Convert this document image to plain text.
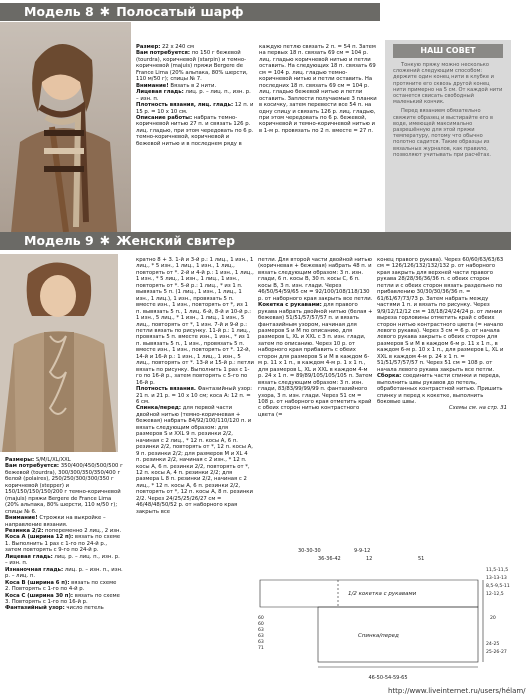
Модель 8 ✱ Полосатый шарф

Размер: 22 x 240 см

Вам потребуется: по 150 г бежевой (tourdra), коричневой (starpin) и темно-коричневой (majuis) пряжи Bergere de France Lima (20% альпака, 80% шерсти, 110 м/50 г); спицы № 7.

Внимание! Вязать в 2 нити.

Лицевая гладь: лиц. р. – лиц. п., изн. р. – изн. п.

Плотность вязания, лиц. гладь: 12 п. и 15 р. = 10 x 10 см.

Описание работы: набрать темно-коричневой нитью 27 п. и связать 126 р. лиц. гладью, при этом чередовать по 6 р. темно-коричневой, коричневой и бежевой нитью и в последнем ряду в

каждую петлю связать 2 п. = 54 п. Затем на первых 18 п. связать 69 см = 104 р. лиц. гладью коричневой нитью и петли оставить. На следующих 18 п. связать 69 см = 104 р. лиц. гладью темно-коричневой нитью и петли оставить. На последних 18 п. связать 69 см = 104 р. лиц. гладью бежевой нитью и петли оставить. Заплести получаемые 3 планки в косичку, затем перевести все 54 п. на одну спицу и связать 126 р. лиц. гладью, при этом чередовать по 6 р. бежевой, коричневой и темно-коричневой нитью и в 1-м р. провязать по 2 п. вместе = 27 п.

НАШ СОВЕТ

Тонкую пряжу можно несколько сложений следующим способом: держите один конец нити в клубке и протяните его сквозь другой конец нити примерно на 5 см. От каждой нити останется свисать свободный маленький кончик.

Перед вязанием обязательно свяжите образец и выстирайте его в воде, имеющей максимально разрешённую для этой пряжи температуру, потому что обычно полотно садится. Такие образцы из вязальных журналов, как правило, позволяют учитывать при расчётах.

Модель 9 ✱ Женский свитер

Размеры: S/M/L/XL/XXL

Вам потребуется: 350/400/450/500/500 г бежевой (tourdra), 300/300/350/350/400 г белой (polaires), 250/250/300/300/350 г коричневой (stepper) и 150/150/150/150/200 г темно-коричневой (majuis) пряжи Bergere de France Lima (20% альпака, 80% шерсти, 110 м/50 г); спицы № 6.

Внимание! Строжки на выкройке – направление вязания.

Резинка 2/2: попеременно 2 лиц., 2 изн.

Коса A (ширина 12 п): вязать по схеме 1. Выполнить 1 раз с 1-го по 24-й р., затем повторять с 9-го по 24-й р.

Лицевая гладь: лиц. р. – лиц. п., изн. р. – изн. п.

Изнаночная гладь: лиц. р. – изн. п., изн. р. – лиц. п.

Коса B (ширина 6 п): вязать по схеме 2. Повторять с 1-го по 4-й р.

Коса C (ширина 30 п): вязать по схеме 3. Повторять с 1-го по 16-й р.

Фантазийный узор: число петель

кратно 8 + 3. 1-й и 3-й р.: 1 лиц., 1 изн., 1 лиц., * 5 изн., 1 лиц., 1 изн., 1 лиц., повторять от *. 2-й и 4-й р.: 1 изн., 1 лиц., 1 изн., * 5 лиц., 1 изн., 1 лиц., 1 изн., повторять от *. 5-й р.: 1 лиц., * из 1 п. вывязать 5 п. (1 лиц., 1 изн., 1 лиц., 1 изн., 1 лиц.), 1 изн., провязать 5 п. вместе изн., 1 изн., повторять от *, из 1 п. вывязать 5 п., 1 лиц. 6-й, 8-й и 10-й р.: 1 изн., 5 лиц., * 1 изн., 1 лиц., 1 изн., 5 лиц., повторять от *, 1 изн. 7-й и 9-й р.: петли вязать по рисунку. 11-й р.: 1 лиц., провязать 5 п. вместе изн., 1 изн., * из 1 п. вывязать 5 п., 1 изн., провязать 5 п. вместе изн., 1 изн., повторять от *. 12-й, 14-й и 16-й р.: 1 изн., 1 лиц., 1 изн., 5 лиц., повторять от *. 13-й и 15-й р.: петли вязать по рисунку. Выполнить 1 раз с 1-го по 16-й р., затем повторять с 5-го по 16-й р.

Плотность вязания. Фантазийный узор: 21 п. и 21 р. = 10 x 10 см; коса A: 12 п. = 6 см.

Спинка/перед: для первой части двойной нитью (темно-коричневая + бежевая) набрать 84/92/100/110/120 п. и вязать следующим образом: для размеров S и XXL 9 п. резинки 2/2, начиная с 2 лиц., * 12 п. косы A, 6 п. резинки 2/2, повторять от *, 12 п. косы A, 9 п. резинки 2/2; для размеров M и XL 4 п. резинки 2/2, начиная с 2 изн., * 12 п. косы A, 6 п. резинки 2/2, повторять от *, 12 п. косы A, 4 п. резинки 2/2; для размера L 8 п. резинки 2/2, начиная с 2 лиц., * 12 п. косы A, 6 п. резинки 2/2, повторять от *, 12 п. косы A, 8 п. резинки 2/2. Через 24/25/25/26/27 см = 46/48/48/50/52 р. от наборного края закрыть все

петли. Для второй части двойной нитью (коричневая + бежевая) набрать 48 п. и вязать следующим образом: 3 п. изн. глади, 6 п. косы B, 30 п. косы C, 6 п. косы B, 3 п. изн. глади. Через 46/50/54/59/65 см = 92/100/108/118/130 р. от наборного края закрыть все петли.

Кокетка с рукавами: для правого рукава набрать двойной нитью (белая + бежевая) 51/51/57/57/57 п. и вязать фантазийным узором, начиная для размеров S и M по описанию, для размеров L, XL и XXL с 3 п. изн. глади, затем по описанию. Через 10 р. от наборного края прибавить с обеих сторон для размеров S и M в каждом 6-м р. 11 x 1 п., в каждом 4-м р. 1 x 1 п., для размеров L, XL и XXL в каждом 4-м р. 24 x 1 п. = 89/89/105/105/105 п. Затем вязать следующим образом: 3 п. изн. глади, 83/83/99/99/99 п. фантазийного узора, 3 п. изн. глади. Через 51 см = 108 р. от наборного края отметить край с обеих сторон нитью контрастного цвета (=

конец правого рукава). Через 60/60/63/63/63 см = 126/126/132/132/132 р. от наборного края закрыть для верхней части правого рукава 28/28/36/36/36 п. с обеих сторон петли и с обеих сторон вязать раздельно по прибавлению 30/30/30/36/36 п. = 61/61/67/73/73 р. Затем набрать между частями 1 п. и вязать по рисунку. Через 9/9/12/12/12 см = 18/18/24/24/24 р. от линии выреза горловины отметить край с обеих сторон нитью контрастного цвета (= начало левого рукава). Через 3 см = 6 р. от начала левого рукава закрыть с обеих сторон для размеров S и M в каждом 6-м р. 11 x 1 п., в каждом 6-м р. 10 x 1 п., для размеров L, XL и XXL в каждом 4-м р. 24 x 1 п. = 51/51/57/57/57 п. Через 51 см = 108 р. от начала левого рукава закрыть все петли.

Сборка: соединить части спинки и переда, выполнить швы рукавов до петель, обработанных контрастной нитью. Пришить спинку и перед к кокетке, выполнить боковые швы.

Схемы см. на стр. 31

30-30-30	9-9-12
36-36-42	12	51
1/2 кокетка с рукавами
Спинка/перед
46-50-54-59-65
60
60
63
63
63
71
11,5-11,5
13-13-13
8,5-9,5-11
12-12,5
20
24-25
25-26-27
http://www.liveinternet.ru/users/hélam/
